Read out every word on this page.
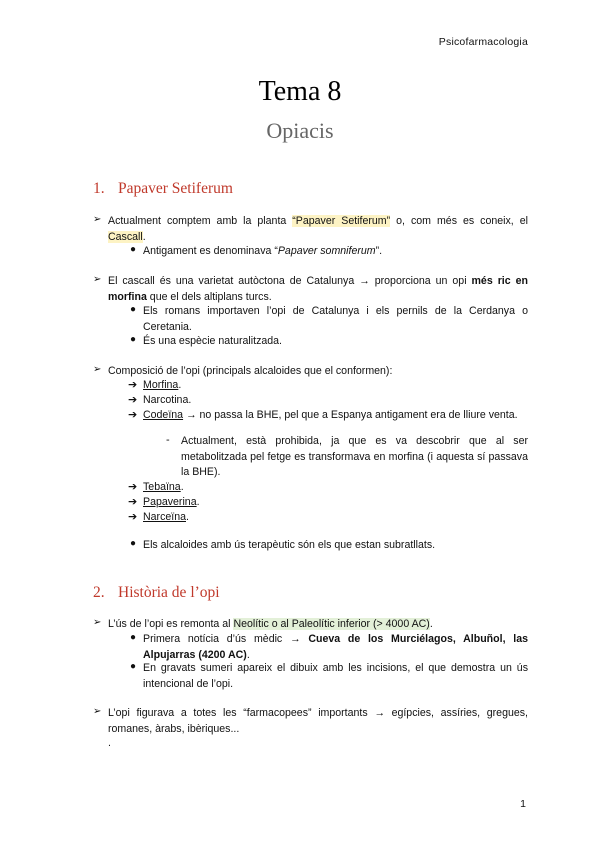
Psicofarmacologia
Tema 8
Opiacis
1. Papaver Setiferum
➢ Actualment comptem amb la planta “Papaver Setiferum” o, com més es coneix, el Cascall.
● Antigament es denominava “Papaver somniferum”.
➢ El cascall és una varietat autòctona de Catalunya → proporciona un opi més ric en morfina que el dels altiplans turcs.
● Els romans importaven l’opi de Catalunya i els pernils de la Cerdanya o Ceretania.
● És una espècie naturalitzada.
➢ Composició de l’opi (principals alcaloides que el conformen):
➔ Morfina.
➔ Narcotina.
➔ Codeïna → no passa la BHE, pel que a Espanya antigament era de lliure venta.
- Actualment, està prohibida, ja que es va descobrir que al ser metabolitzada pel fetge es transformava en morfina (i aquesta sí passava la BHE).
➔ Tebaïna.
➔ Papaverina.
➔ Narceïna.
● Els alcaloides amb ús terapèutic són els que estan subratllats.
2. Història de l’opi
➢ L’ús de l’opi es remonta al Neolític o al Paleolític inferior (> 4000 AC).
● Primera notícia d’ús mèdic → Cueva de los Murciélagos, Albuñol, las Alpujarras (4200 AC).
● En gravats sumeri apareix el dibuix amb les incisions, el que demostra un ús intencional de l’opi.
➢ L’opi figurava a totes les “farmacopees” importants → egípcies, assíries, gregues, romanes, àrabs, ibèriques...
.
1
